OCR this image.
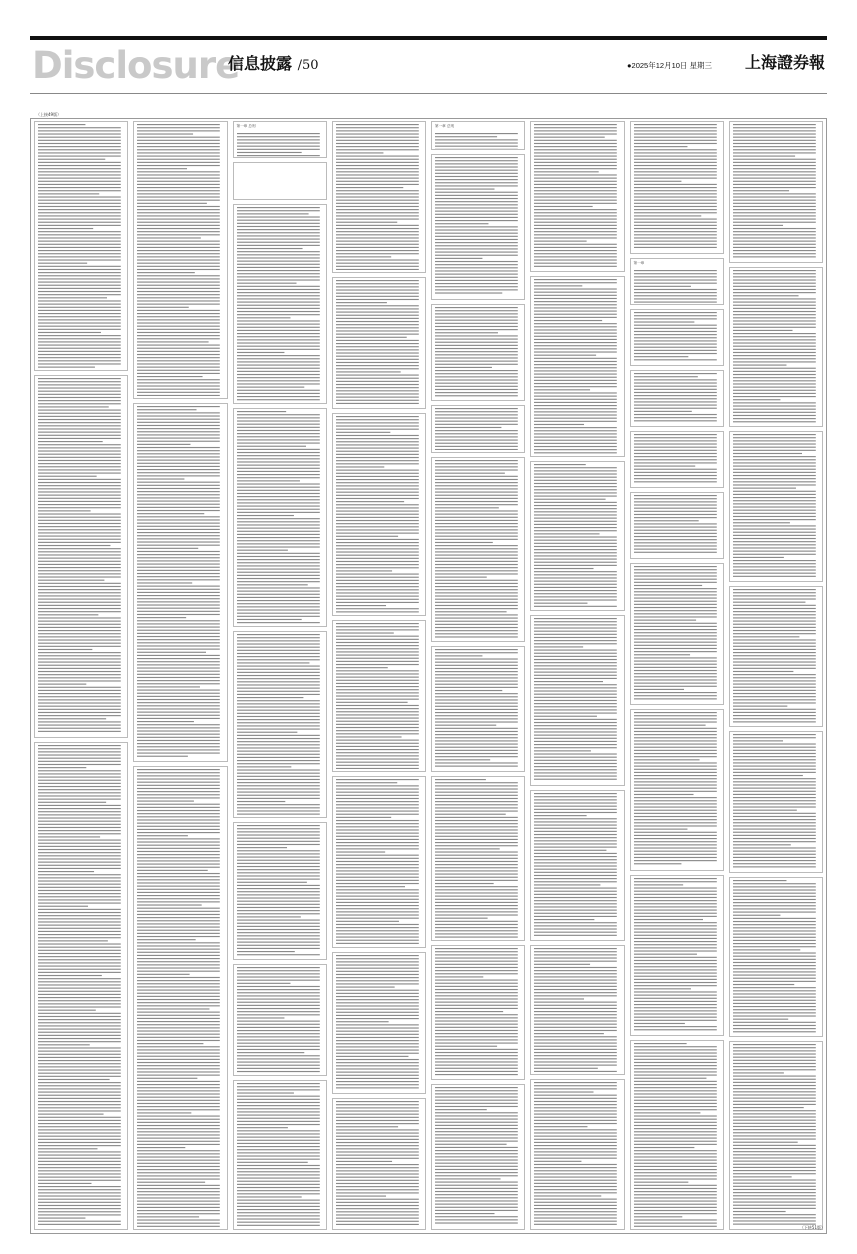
Disclosure
信息披露 /50	●2025年12月10日 星期三 上海證券報
（上接49版）
第一章 总则	第一章 总则
第一章
（下转51版）
